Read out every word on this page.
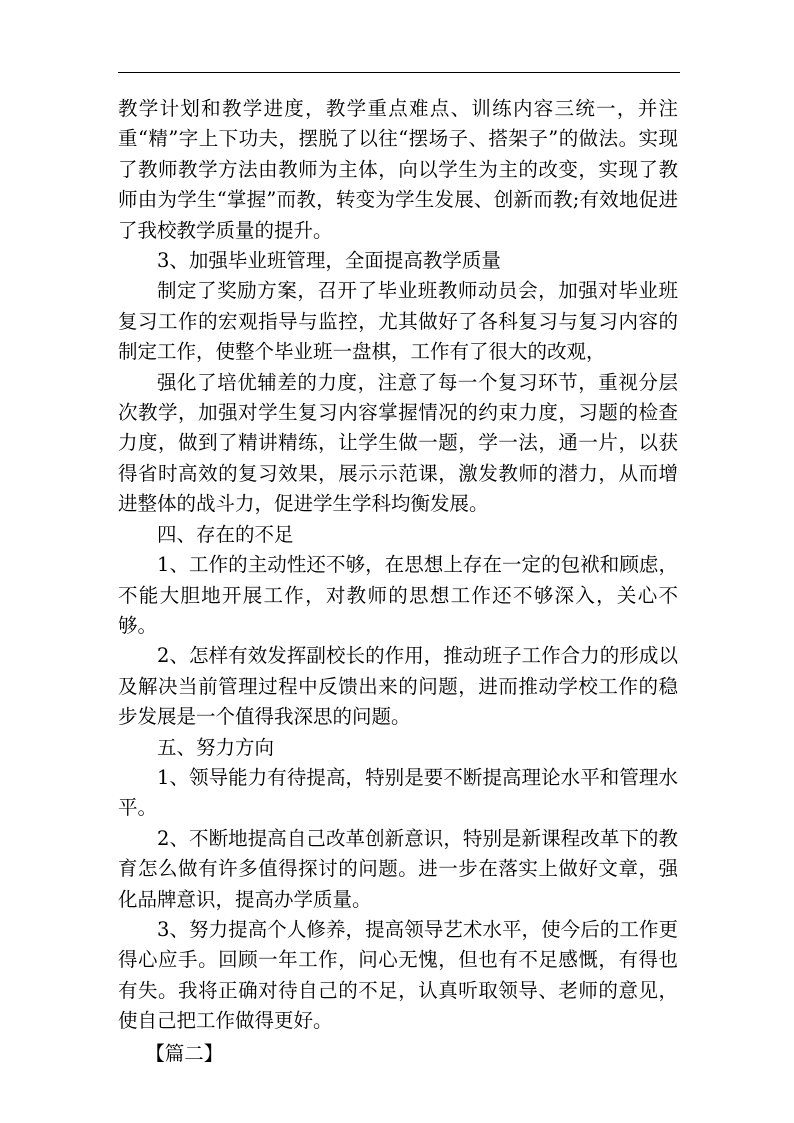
教学计划和教学进度，教学重点难点、训练内容三统一，并注重“精”字上下功夫，摆脱了以往“摆场子、搭架子”的做法。实现了教师教学方法由教师为主体，向以学生为主的改变，实现了教师由为学生“掌握”而教，转变为学生发展、创新而教;有效地促进了我校教学质量的提升。

3、加强毕业班管理，全面提高教学质量

制定了奖励方案，召开了毕业班教师动员会，加强对毕业班复习工作的宏观指导与监控，尤其做好了各科复习与复习内容的制定工作，使整个毕业班一盘棋，工作有了很大的改观，

强化了培优辅差的力度，注意了每一个复习环节，重视分层次教学，加强对学生复习内容掌握情况的约束力度，习题的检查力度，做到了精讲精练，让学生做一题，学一法，通一片，以获得省时高效的复习效果，展示示范课，激发教师的潜力，从而增进整体的战斗力，促进学生学科均衡发展。

四、存在的不足

1、工作的主动性还不够，在思想上存在一定的包袱和顾虑，不能大胆地开展工作，对教师的思想工作还不够深入，关心不够。

2、怎样有效发挥副校长的作用，推动班子工作合力的形成以及解决当前管理过程中反馈出来的问题，进而推动学校工作的稳步发展是一个值得我深思的问题。

五、努力方向

1、领导能力有待提高，特别是要不断提高理论水平和管理水平。

2、不断地提高自己改革创新意识，特别是新课程改革下的教育怎么做有许多值得探讨的问题。进一步在落实上做好文章，强化品牌意识，提高办学质量。

3、努力提高个人修养，提高领导艺术水平，使今后的工作更得心应手。回顾一年工作，问心无愧，但也有不足感慨，有得也有失。我将正确对待自己的不足，认真听取领导、老师的意见，使自己把工作做得更好。

【篇二】
